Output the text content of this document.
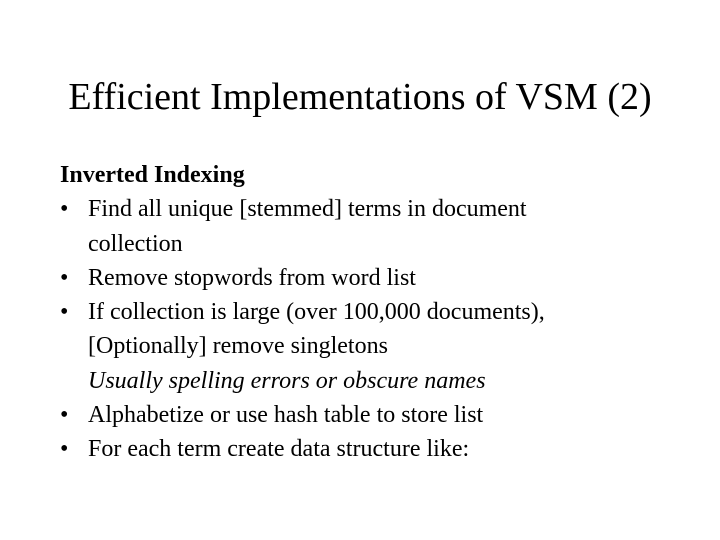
Efficient Implementations of VSM (2)
Inverted Indexing
• Find all unique [stemmed] terms in document
collection
• Remove stopwords from word list
• If collection is large (over 100,000 documents),
[Optionally] remove singletons
Usually spelling errors or obscure names
• Alphabetize or use hash table to store list
• For each term create data structure like:
